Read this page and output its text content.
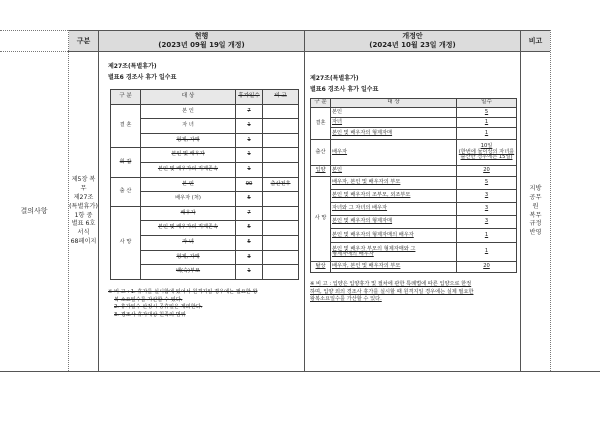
구분
현행
(2023년 09월 19일 개정)
개정안
(2024년 10월 23일 개정)
비고
결의사항
제5장 복무
제27조
(특별휴가)
1항 중
별표 6호
서식
68페이지
지방
공무
원
복무
규정
반영
제27조(특별휴가)
별표6 경조사 휴가 일수표
구 분	대 상	휴가일수	비 고
결 혼	본 인	7	
	자 녀	1	
	형제, 자매	1	
회 갑	본인 및 배우자	1	
	본인 및 배우자의 직계존속	1	
출 산	본 인	90	출산전후
	배우자 (처)	5	
사 망	배우자	7	
	본인 및 배우자의 직계존속	5	
	자 녀	5	
	형제, 자매	3	
	백(숙)부모	1	
※ 비 고 : 1. 휴가를 실시함에 있어서 원격지일 경우에는 필요한 왕
복 소요일수를 가산할 수 있다.
2. 휴가일수 산정시 공휴일은 제외한다.
3. 경조사 휴가대상 친족의 범위
제27조(특별휴가)
별표6 경조사 휴가 일수표
구 분	대 상	일수
결혼	본인	5

	자녀	1

	본인 및 배우자의 형제자매	1

출산	배우자	10일
(한번에 둘이상의 자녀를
출산한 경우에는 15일)

입양	본인	20

사 망	배우자, 본인 및 배우자의 부모	5

	본인 및 배우자의 조부모, 외조부모	3

	자녀와 그 자녀의 배우자	3

	본인 및 배우자의 형제자매	3

	본인 및 배우자의 형제자매의 배우자	1

	본인 및 배우자 부모의 형제자매와 그
형제자매의 배우자	1

탈상	배우자, 본인 및 배우자의 부모	20
※ 비 고 : 입양은 입양휴가 및 절차에 관한 특례법에 따른 입양으로 한정
하며, 입양 외의 경조사 휴가를 실시할 때 원격지일 경우에는 실제 필요한
왕복소요일수를 가산할 수 있다.
